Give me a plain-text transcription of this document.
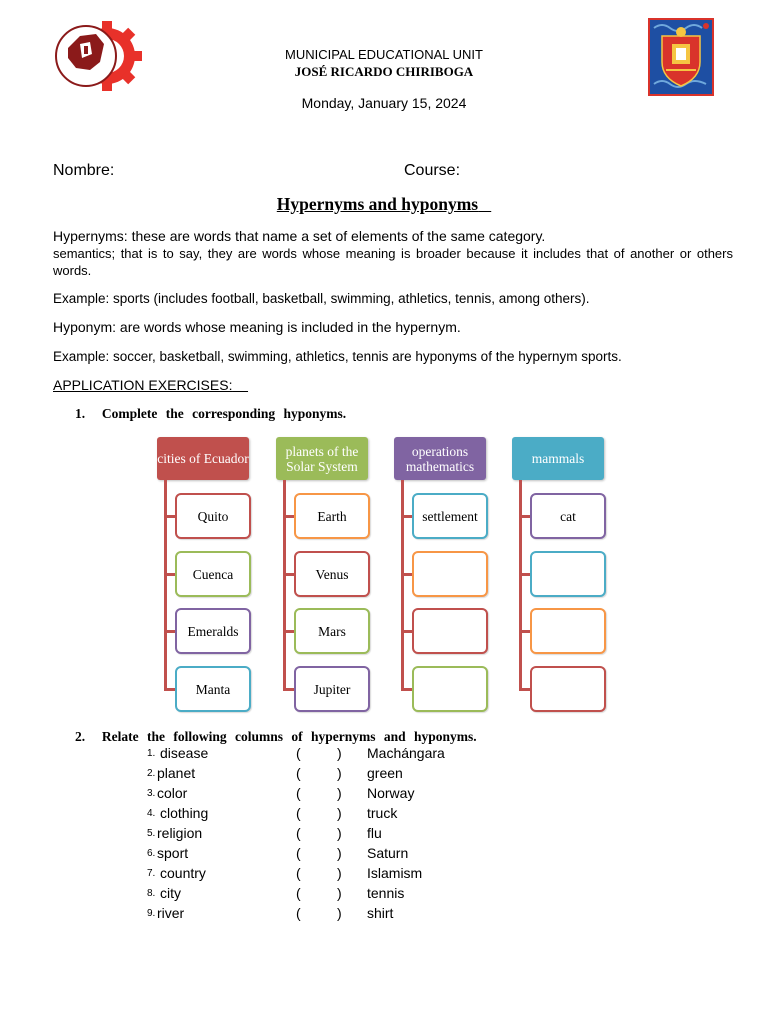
MUNICIPAL EDUCATIONAL UNIT
JOSÉ RICARDO CHIRIBOGA
Monday, January 15, 2024
Nombre:	Course:
Hypernyms and hyponyms
Hypernyms: these are words that name a set of elements of the same category.
semantics; that is to say, they are words whose meaning is broader because it includes that of another or others words.
Example: sports (includes football, basketball, swimming, athletics, tennis, among others).
Hyponym: are words whose meaning is included in the hypernym.
Example: soccer, basketball, swimming, athletics, tennis are hyponyms of the hypernym sports.
APPLICATION EXERCISES:
1. Complete the corresponding hyponyms.
cities of Ecuador
Quito
Cuenca
Emeralds
Manta
planets of the Solar System
Earth
Venus
Mars
Jupiter
operations mathematics
settlement
mammals
cat
2. Relate the following columns of hypernyms and hyponyms.
1. disease	(	) Machángara
2. planet	(	) green
3. color	(	) Norway
4. clothing	(	) truck
5. religion	(	) flu
6. sport	(	) Saturn
7. country	(	) Islamism
8. city	(	) tennis
9. river	(	) shirt
